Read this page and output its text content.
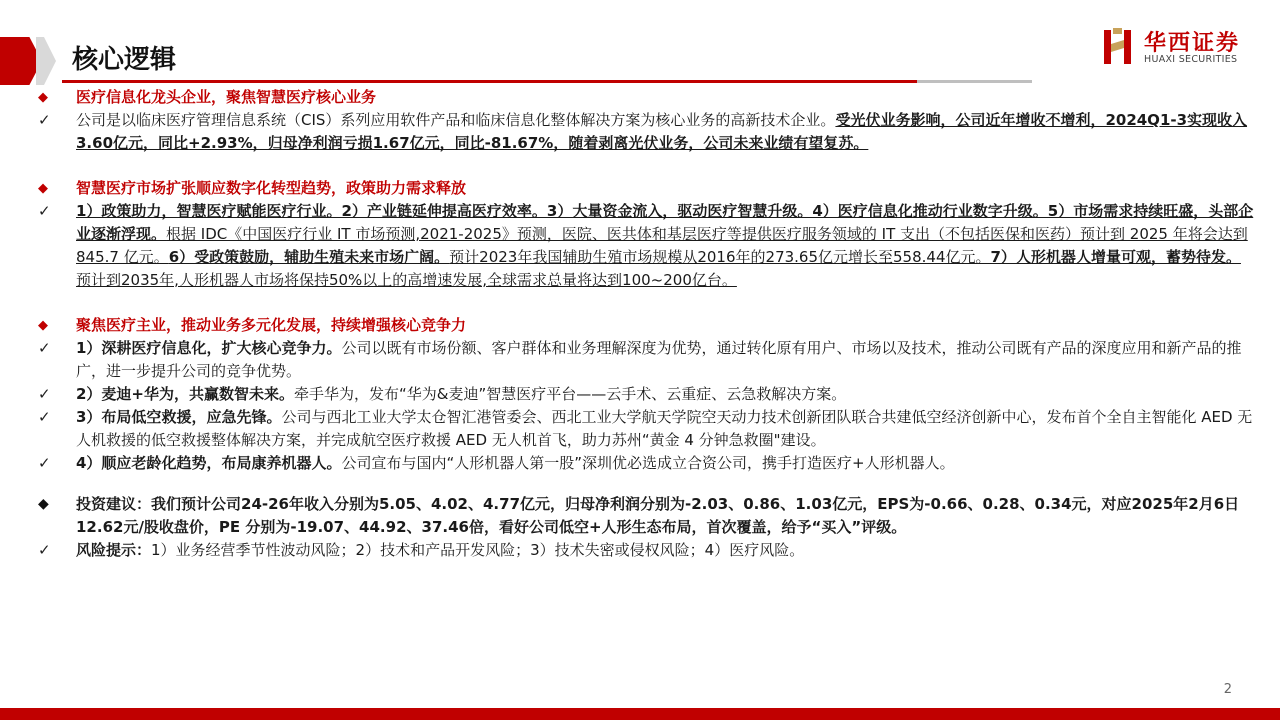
核心逻辑
华西证券
HUAXI SECURITIES
◆	医疗信息化龙头企业，聚焦智慧医疗核心业务
✓	公司是以临床医疗管理信息系统（CIS）系列应用软件产品和临床信息化整体解决方案为核心业务的高新技术企业。受光伏业务影响，公司近年增收不增利，2024Q1-3实现收入3.60亿元，同比+2.93%，归母净利润亏损1.67亿元，同比-81.67%，随着剥离光伏业务，公司未来业绩有望复苏。
◆	智慧医疗市场扩张顺应数字化转型趋势，政策助力需求释放
✓	1）政策助力，智慧医疗赋能医疗行业。2）产业链延伸提高医疗效率。3）大量资金流入，驱动医疗智慧升级。4）医疗信息化推动行业数字升级。5）市场需求持续旺盛，头部企业逐渐浮现。根据 IDC《中国医疗行业 IT 市场预测,2021-2025》预测，医院、医共体和基层医疗等提供医疗服务领域的 IT 支出（不包括医保和医药）预计到 2025 年将会达到 845.7 亿元。6）受政策鼓励，辅助生殖未来市场广阔。预计2023年我国辅助生殖市场规模从2016年的273.65亿元增长至558.44亿元。7）人形机器人增量可观，蓄势待发。 预计到2035年,人形机器人市场将保持50%以上的高增速发展,全球需求总量将达到100~200亿台。
◆	聚焦医疗主业，推动业务多元化发展，持续增强核心竞争力
✓	1）深耕医疗信息化，扩大核心竞争力。公司以既有市场份额、客户群体和业务理解深度为优势，通过转化原有用户、市场以及技术，推动公司既有产品的深度应用和新产品的推广，进一步提升公司的竞争优势。
✓	2）麦迪+华为，共赢数智未来。牵手华为，发布“华为&麦迪”智慧医疗平台——云手术、云重症、云急救解决方案。
✓	3）布局低空救援，应急先锋。公司与西北工业大学太仓智汇港管委会、西北工业大学航天学院空天动力技术创新团队联合共建低空经济创新中心，发布首个全自主智能化 AED 无人机救援的低空救援整体解决方案，并完成航空医疗救援 AED 无人机首飞，助力苏州“黄金 4 分钟急救圈"建设。
✓	4）顺应老龄化趋势，布局康养机器人。公司宣布与国内“人形机器人第一股”深圳优必选成立合资公司，携手打造医疗+人形机器人。
◆	投资建议：我们预计公司24-26年收入分别为5.05、4.02、4.77亿元，归母净利润分别为-2.03、0.86、1.03亿元，EPS为-0.66、0.28、0.34元，对应2025年2月6日12.62元/股收盘价，PE 分别为-19.07、44.92、37.46倍，看好公司低空+人形生态布局，首次覆盖，给予“买入”评级。
✓	风险提示：1）业务经营季节性波动风险；2）技术和产品开发风险；3）技术失密或侵权风险；4）医疗风险。
2
